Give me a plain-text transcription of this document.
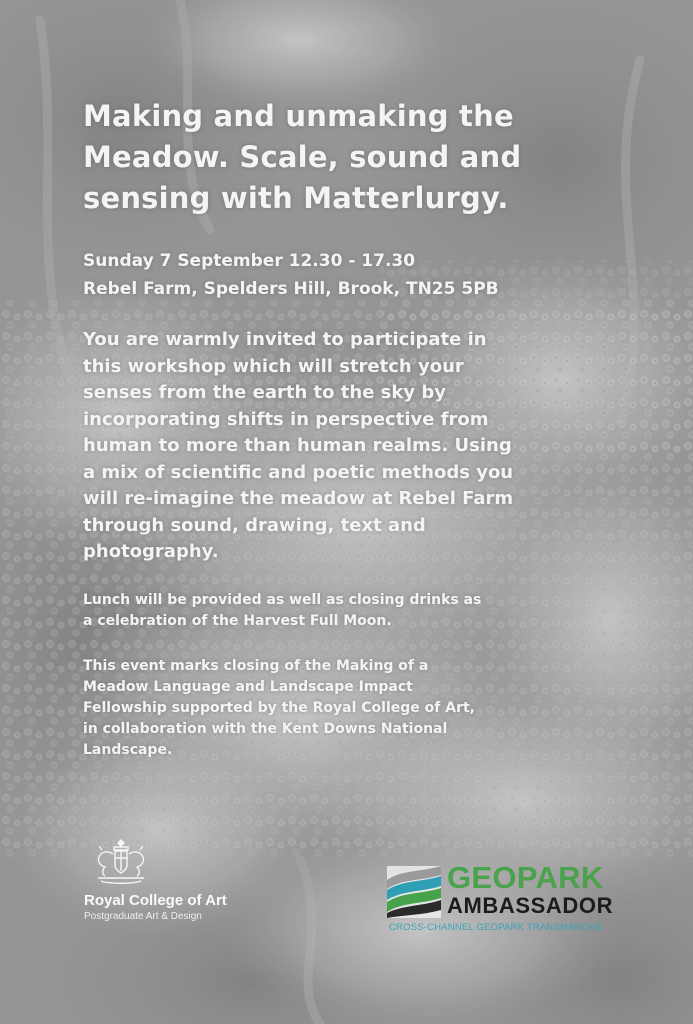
Making and unmaking the
Meadow. Scale, sound and
sensing with Matterlurgy.
Sunday 7 September 12.30 - 17.30
Rebel Farm, Spelders Hill, Brook, TN25 5PB
You are warmly invited to participate in
this workshop which will stretch your
senses from the earth to the sky by
incorporating shifts in perspective from
human to more than human realms. Using
a mix of scientific and poetic methods you
will re-imagine the meadow at Rebel Farm
through sound, drawing, text and
photography.
Lunch will be provided as well as closing drinks as
a celebration of the Harvest Full Moon.
This event marks closing of the Making of a
Meadow Language and Landscape Impact
Fellowship supported by the Royal College of Art,
in collaboration with the Kent Downs National
Landscape.
Royal College of Art
Postgraduate Art & Design
GEOPARK
AMBASSADOR
CROSS-CHANNEL GEOPARK TRANSMANCHE
